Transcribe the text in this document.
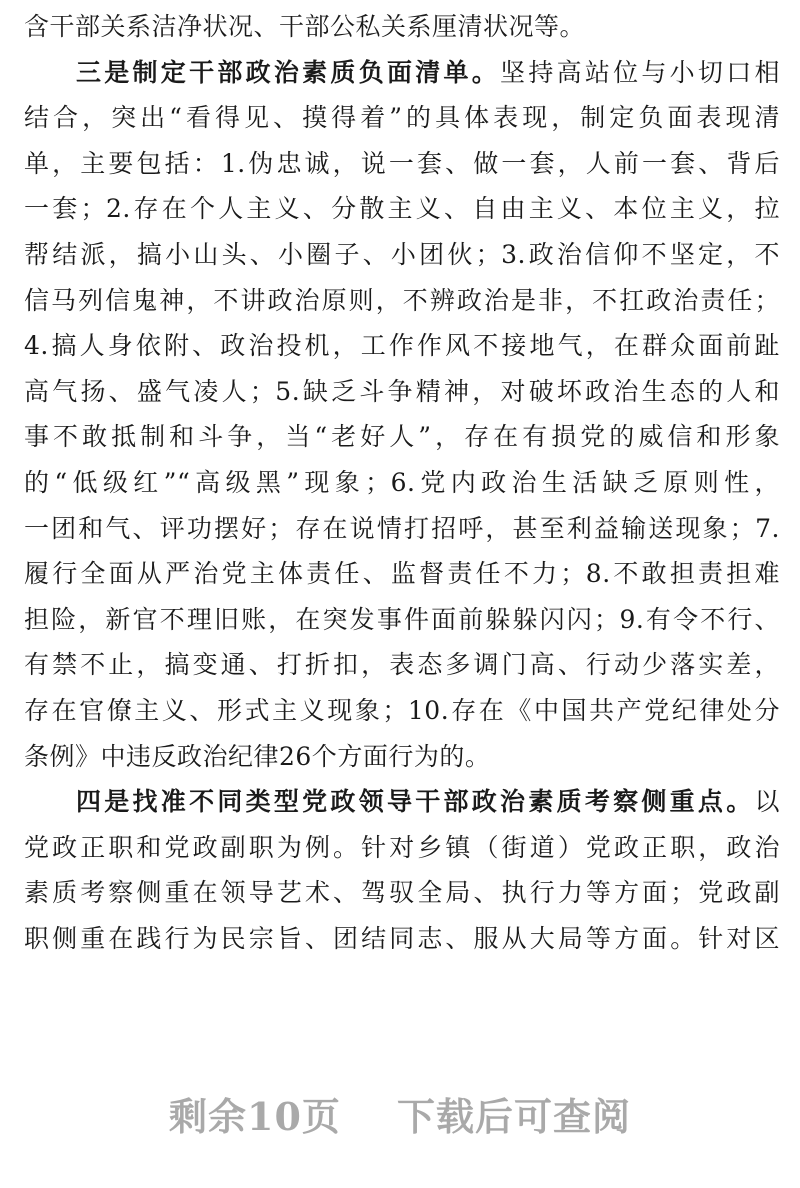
含干部关系洁净状况、干部公私关系厘清状况等。
三是制定干部政治素质负面清单。坚持高站位与小切口相
结合，突出“看得见、摸得着”的具体表现，制定负面表现清
单，主要包括：1.伪忠诚，说一套、做一套，人前一套、背后
一套；2.存在个人主义、分散主义、自由主义、本位主义，拉
帮结派，搞小山头、小圈子、小团伙；3.政治信仰不坚定，不
信马列信鬼神，不讲政治原则，不辨政治是非，不扛政治责任；
4.搞人身依附、政治投机，工作作风不接地气，在群众面前趾
高气扬、盛气凌人；5.缺乏斗争精神，对破坏政治生态的人和
事不敢抵制和斗争，当“老好人”，存在有损党的威信和形象
的“低级红”“高级黑”现象；6.党内政治生活缺乏原则性，
一团和气、评功摆好；存在说情打招呼，甚至利益输送现象；7.
履行全面从严治党主体责任、监督责任不力；8.不敢担责担难
担险，新官不理旧账，在突发事件面前躲躲闪闪；9.有令不行、
有禁不止，搞变通、打折扣，表态多调门高、行动少落实差，
存在官僚主义、形式主义现象；10.存在《中国共产党纪律处分
条例》中违反政治纪律26个方面行为的。
四是找准不同类型党政领导干部政治素质考察侧重点。以
党政正职和党政副职为例。针对乡镇（街道）党政正职，政治
素质考察侧重在领导艺术、驾驭全局、执行力等方面；党政副
职侧重在践行为民宗旨、团结同志、服从大局等方面。针对区
剩余10页 下载后可查阅
